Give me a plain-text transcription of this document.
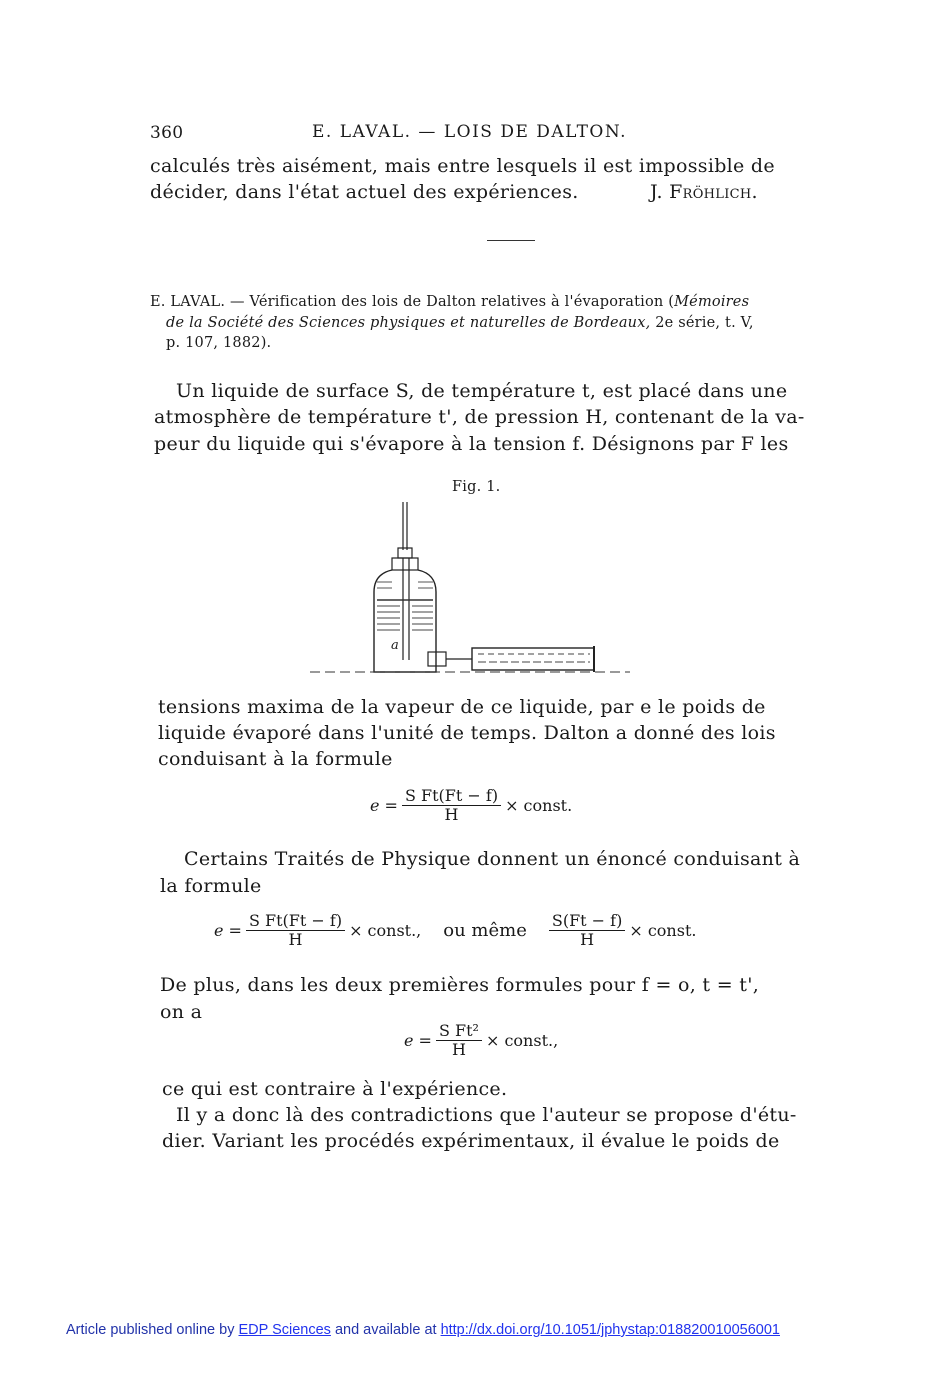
360	E. LAVAL. — LOIS DE DALTON.
calculés très aisément, mais entre lesquels il est impossible de
décider, dans l'état actuel des expériences.	J. Fröhlich.
E. LAVAL. — Vérification des lois de Dalton relatives à l'évaporation (Mémoires
de la Société des Sciences physiques et naturelles de Bordeaux, 2e série, t. V,
p. 107, 1882).
Un liquide de surface S, de température t, est placé dans une
atmosphère de température t', de pression H, contenant de la va-
peur du liquide qui s'évapore à la tension f. Désignons par F les
Fig. 1.
a
tensions maxima de la vapeur de ce liquide, par e le poids de
liquide évaporé dans l'unité de temps. Dalton a donné des lois
conduisant à la formule
$e = \frac{\text{S Ft(Ft − f)}}{H}$ × const.
Certains Traités de Physique donnent un énoncé conduisant à
la formule
$e = \frac{\text{S Ft(Ft − f)}}{H}$ × const., ou même $\frac{S(Ft - f)}{H}$ × const.
De plus, dans les deux premières formules pour f = o, t = t',
on a
$e = \frac{\text{S Ft²}}{H}$ × const.,
ce qui est contraire à l'expérience.
Il y a donc là des contradictions que l'auteur se propose d'étu-
dier. Variant les procédés expérimentaux, il évalue le poids de
Article published online by EDP Sciences and available at http://dx.doi.org/10.1051/jphystap:018820010056001
